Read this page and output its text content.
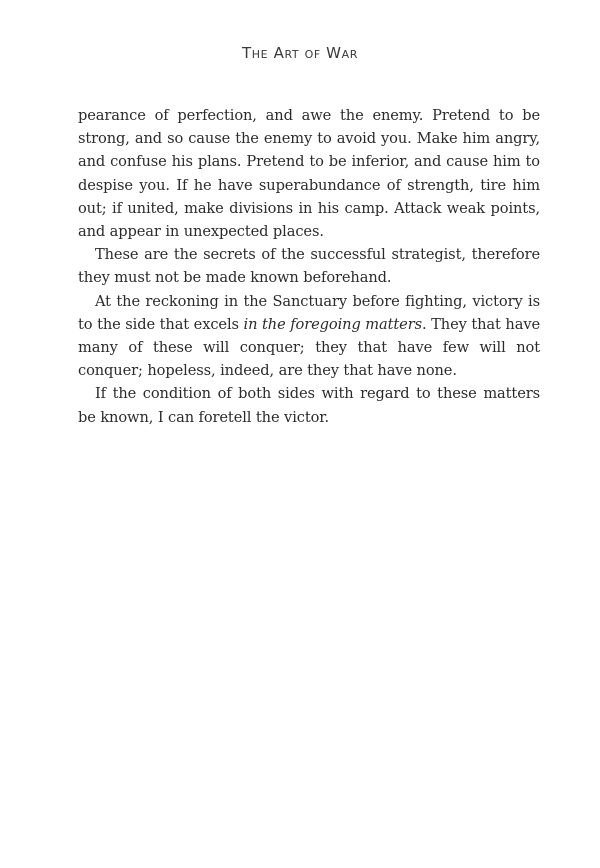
The Art of War

pearance of perfection, and awe the enemy. Pretend to be strong, and so cause the enemy to avoid you. Make him angry, and confuse his plans. Pretend to be inferior, and cause him to despise you. If he have superabundance of strength, tire him out; if united, make divisions in his camp. Attack weak points, and appear in unexpected places.

These are the secrets of the successful strategist, therefore they must not be made known beforehand.

At the reckoning in the Sanctuary before fighting, victory is to the side that excels in the foregoing matters. They that have many of these will conquer; they that have few will not conquer; hopeless, indeed, are they that have none.

If the condition of both sides with regard to these matters be known, I can foretell the victor.
